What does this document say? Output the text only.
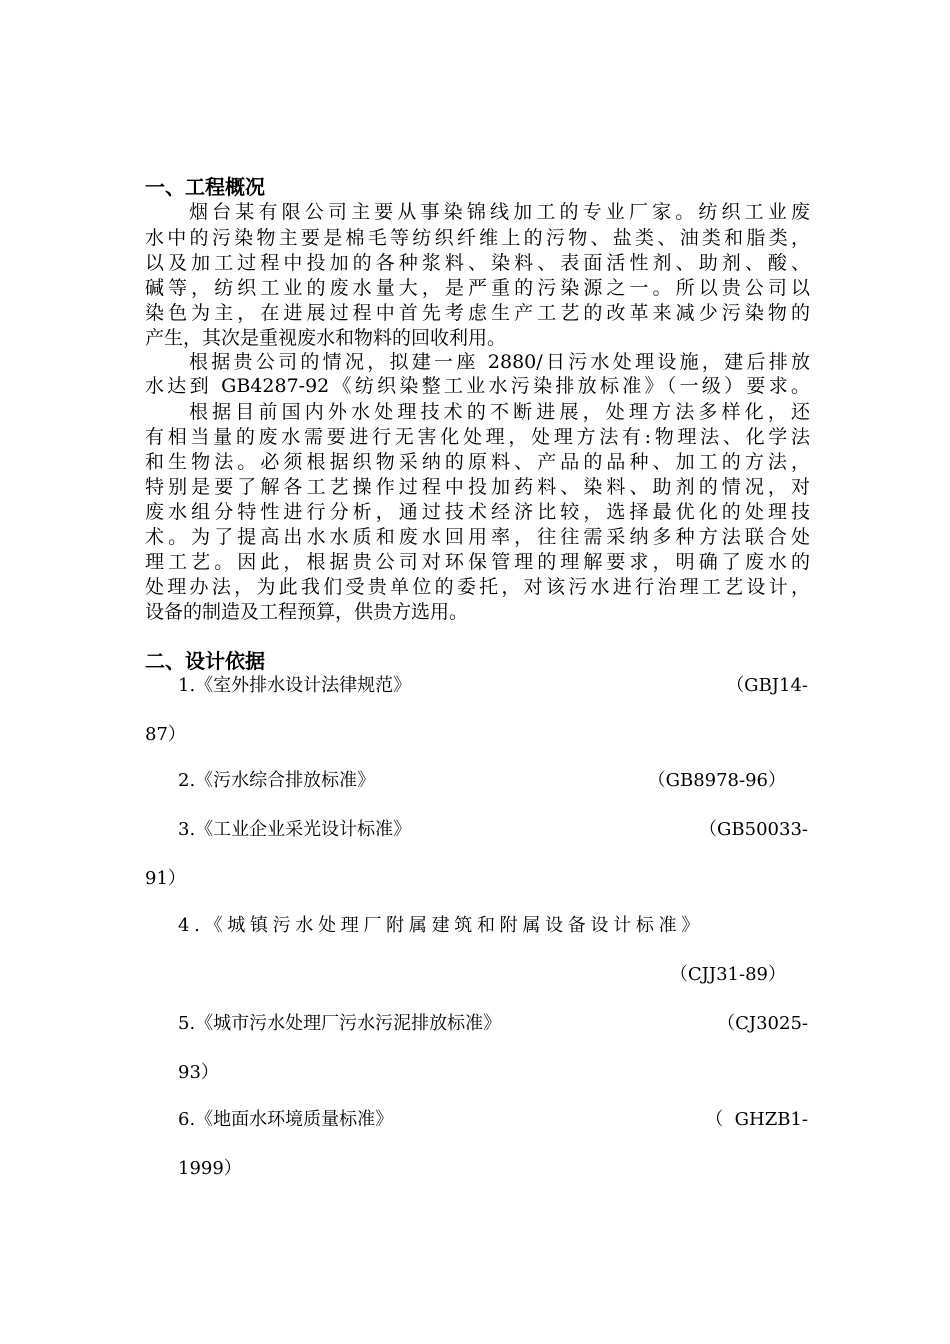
一、工程概况
烟台某有限公司主要从事染锦线加工的专业厂家。纺织工业废
水中的污染物主要是棉毛等纺织纤维上的污物、盐类、油类和脂类，
以及加工过程中投加的各种浆料、染料、表面活性剂、助剂、酸、
碱等，纺织工业的废水量大，是严重的污染源之一。所以贵公司以
染色为主，在进展过程中首先考虑生产工艺的改革来减少污染物的
产生，其次是重视废水和物料的回收利用。
根据贵公司的情况，拟建一座 2880/日污水处理设施，建后排放
水达到 GB4287-92《纺织染整工业水污染排放标准》（一级）要求。
根据目前国内外水处理技术的不断进展，处理方法多样化，还
有相当量的废水需要进行无害化处理，处理方法有:物理法、化学法
和生物法。必须根据织物采纳的原料、产品的品种、加工的方法，
特别是要了解各工艺操作过程中投加药料、染料、助剂的情况，对
废水组分特性进行分析，通过技术经济比较，选择最优化的处理技
术。为了提高出水水质和废水回用率，往往需采纳多种方法联合处
理工艺。因此，根据贵公司对环保管理的理解要求，明确了废水的
处理办法，为此我们受贵单位的委托，对该污水进行治理工艺设计，
设备的制造及工程预算，供贵方选用。
二、设计依据
1.《室外排水设计法律规范》	（GBJ14-
87）
2.《污水综合排放标准》	（GB8978-96）
3.《工业企业采光设计标准》	（GB50033-
91）
4.《城镇污水处理厂附属建筑和附属设备设计标准》
（CJJ31-89）
5.《城市污水处理厂污水污泥排放标准》	（CJ3025-
93）
6.《地面水环境质量标准》	（  GHZB1-
1999）
